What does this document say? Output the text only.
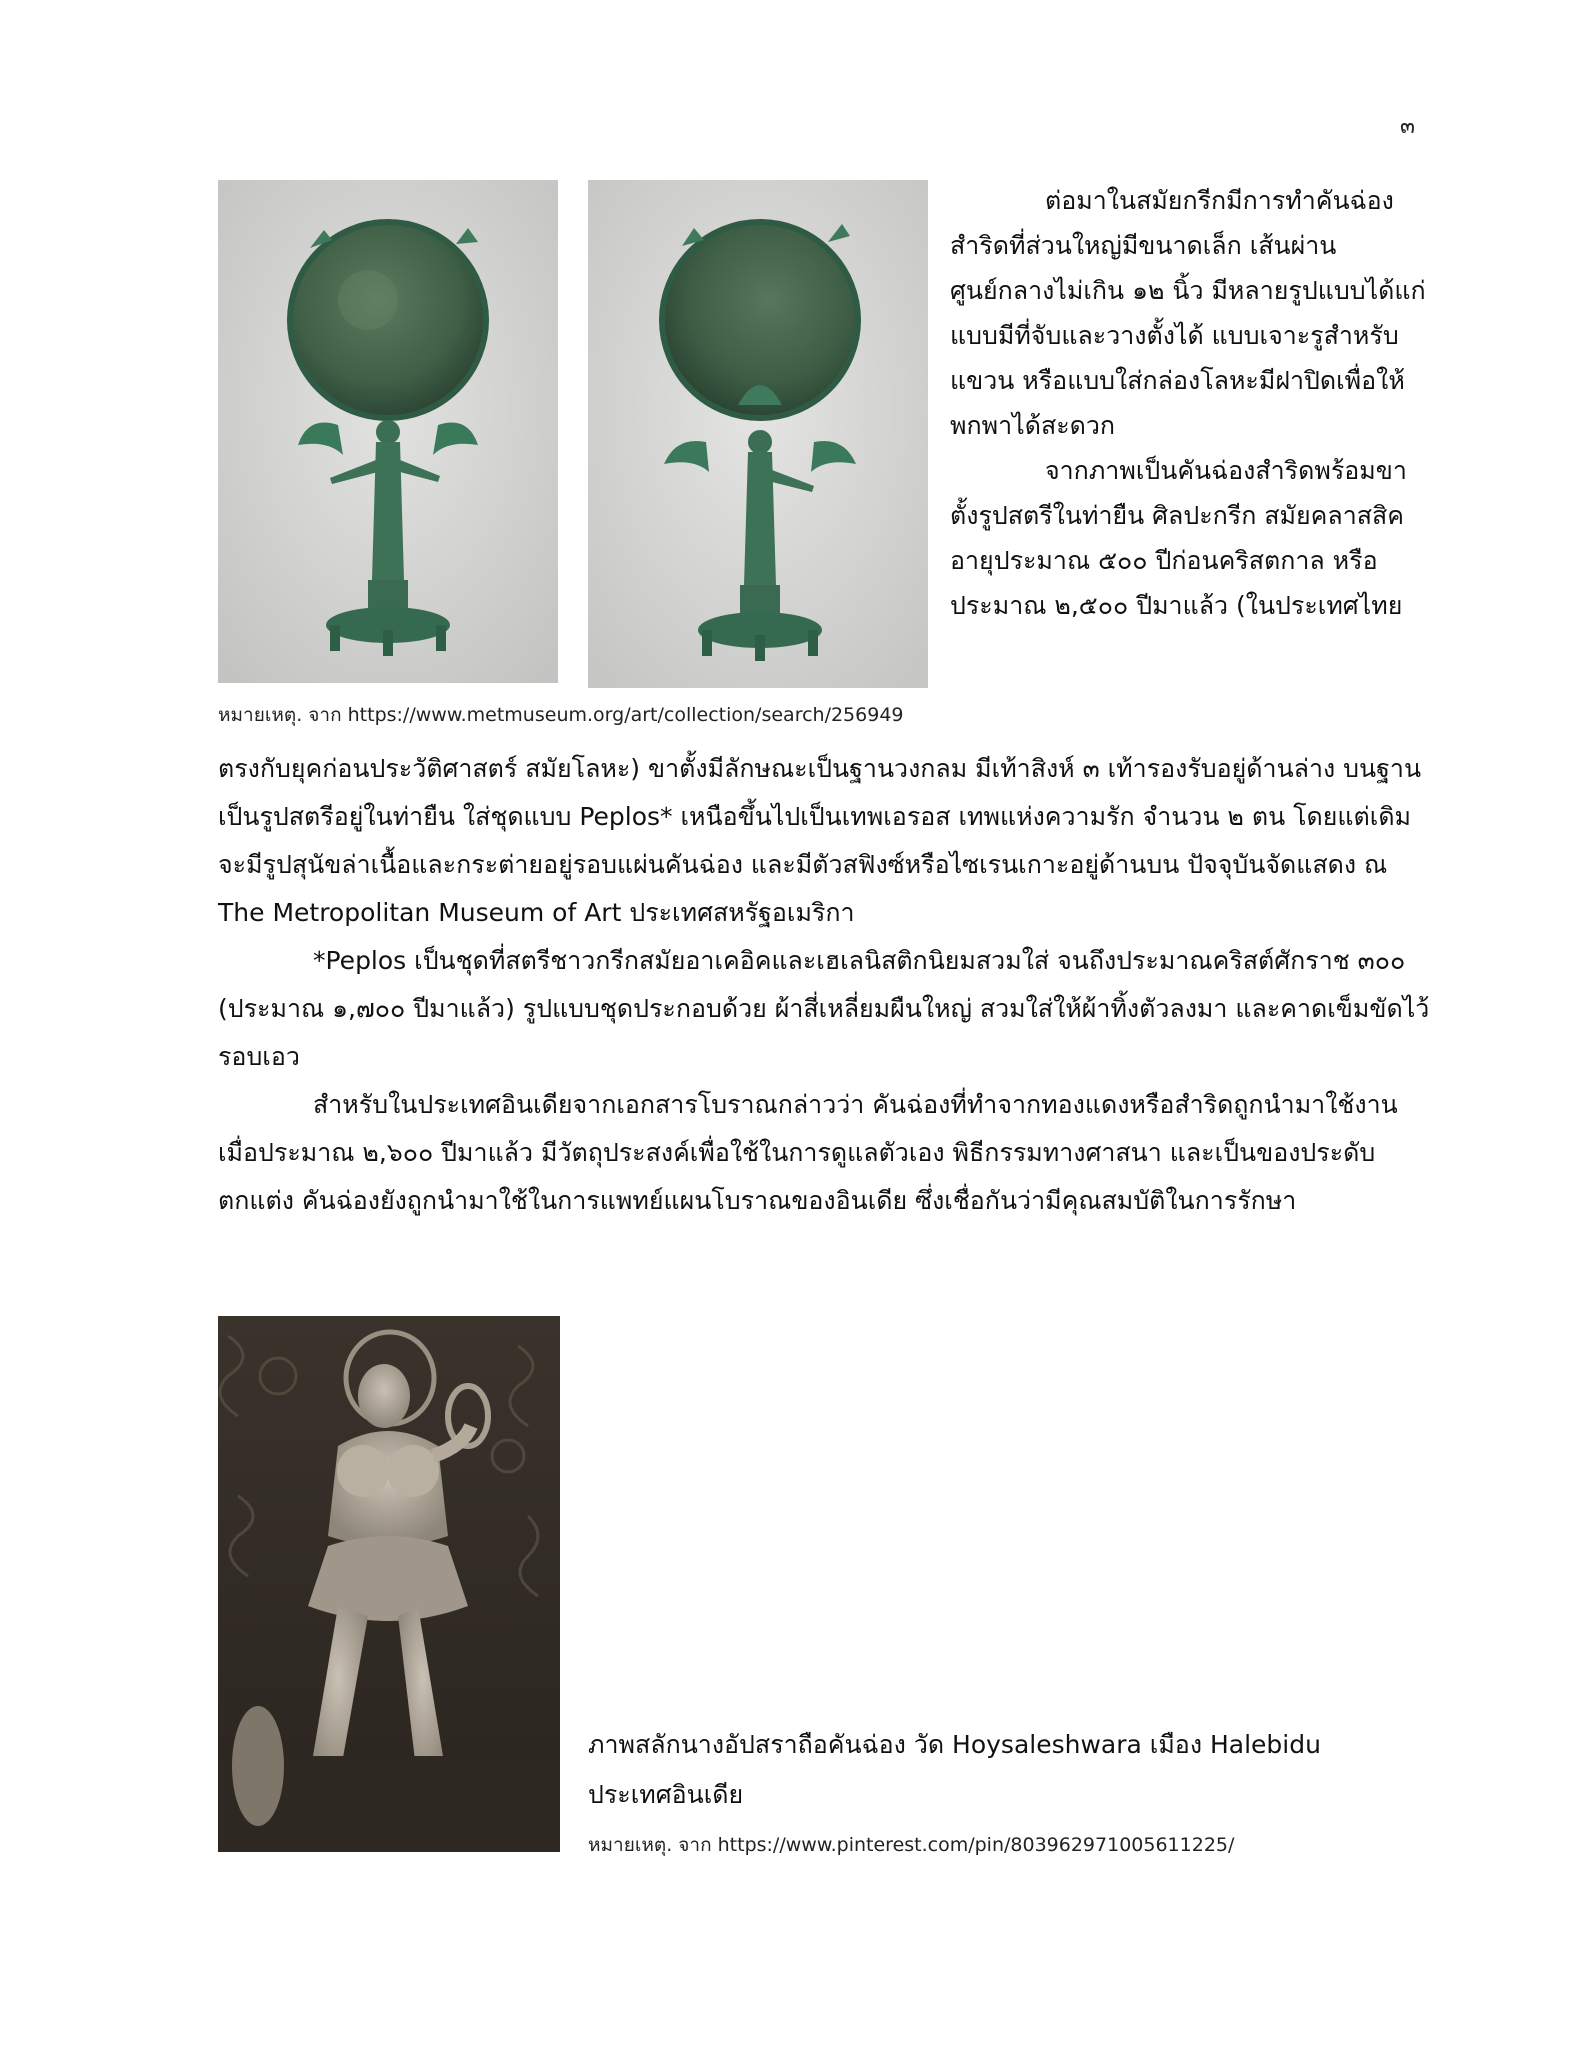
๓
หมายเหตุ. จาก https://www.metmuseum.org/art/collection/search/256949

ต่อมาในสมัยกรีกมีการทำคันฉ่องสำริดที่ส่วนใหญ่มีขนาดเล็ก เส้นผ่านศูนย์กลางไม่เกิน ๑๒ นิ้ว มีหลายรูปแบบได้แก่ แบบมีที่จับและวางตั้งได้ แบบเจาะรูสำหรับแขวน หรือแบบใส่กล่องโลหะมีฝาปิดเพื่อให้พกพาได้สะดวก

จากภาพเป็นคันฉ่องสำริดพร้อมขาตั้งรูปสตรีในท่ายืน ศิลปะกรีก สมัยคลาสสิค อายุประมาณ ๕๐๐ ปีก่อนคริสตกาล หรือประมาณ ๒,๕๐๐ ปีมาแล้ว (ในประเทศไทย

ตรงกับยุคก่อนประวัติศาสตร์ สมัยโลหะ) ขาตั้งมีลักษณะเป็นฐานวงกลม มีเท้าสิงห์ ๓ เท้ารองรับอยู่ด้านล่าง บนฐานเป็นรูปสตรีอยู่ในท่ายืน ใส่ชุดแบบ Peplos* เหนือขึ้นไปเป็นเทพเอรอส เทพแห่งความรัก จำนวน ๒ ตน โดยแต่เดิมจะมีรูปสุนัขล่าเนื้อและกระต่ายอยู่รอบแผ่นคันฉ่อง และมีตัวสฟิงซ์หรือไซเรนเกาะอยู่ด้านบน ปัจจุบันจัดแสดง ณ The Metropolitan Museum of Art ประเทศสหรัฐอเมริกา

*Peplos เป็นชุดที่สตรีชาวกรีกสมัยอาเคอิคและเฮเลนิสติกนิยมสวมใส่ จนถึงประมาณคริสต์ศักราช ๓๐๐ (ประมาณ ๑,๗๐๐ ปีมาแล้ว) รูปแบบชุดประกอบด้วย ผ้าสี่เหลี่ยมผืนใหญ่ สวมใส่ให้ผ้าทิ้งตัวลงมา และคาดเข็มขัดไว้รอบเอว

สำหรับในประเทศอินเดียจากเอกสารโบราณกล่าวว่า คันฉ่องที่ทำจากทองแดงหรือสำริดถูกนำมาใช้งานเมื่อประมาณ ๒,๖๐๐ ปีมาแล้ว มีวัตถุประสงค์เพื่อใช้ในการดูแลตัวเอง พิธีกรรมทางศาสนา และเป็นของประดับตกแต่ง คันฉ่องยังถูกนำมาใช้ในการแพทย์แผนโบราณของอินเดีย ซึ่งเชื่อกันว่ามีคุณสมบัติในการรักษา

ภาพสลักนางอัปสราถือคันฉ่อง วัด Hoysaleshwara เมือง Halebidu ประเทศอินเดีย

หมายเหตุ. จาก https://www.pinterest.com/pin/803962971005611225/
